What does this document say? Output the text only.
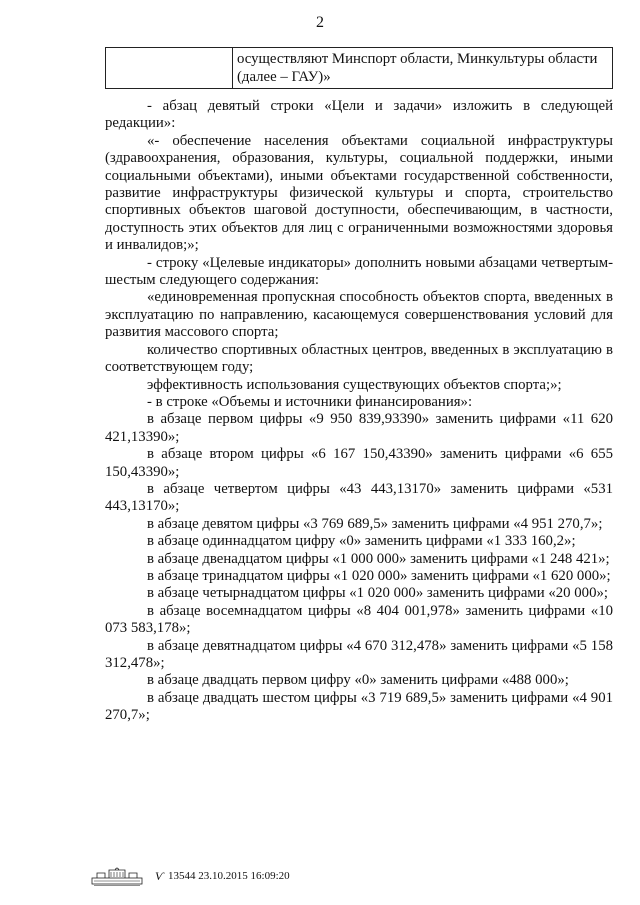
2
осуществляют Минспорт области, Минкультуры области (далее – ГАУ)»

- абзац девятый строки «Цели и задачи» изложить в следующей редакции»:

«- обеспечение населения объектами социальной инфраструктуры (здравоохранения, образования, культуры, социальной поддержки, иными социальными объектами), иными объектами государственной собственности, развитие инфраструктуры физической культуры и спорта, строительство спортивных объектов шаговой доступности, обеспечивающим, в частности, доступность этих объектов для лиц с ограниченными возможностями здоровья и инвалидов;»;

- строку «Целевые индикаторы» дополнить новыми абзацами четвертым-шестым следующего содержания:

«единовременная пропускная способность объектов спорта, введенных в эксплуатацию по направлению, касающемуся совершенствования условий для развития массового спорта;

количество спортивных областных центров, введенных в эксплуатацию в соответствующем году;

эффективность использования существующих объектов спорта;»;

- в строке «Объемы и источники финансирования»:

в абзаце первом цифры «9 950 839,93390» заменить цифрами «11 620 421,13390»;

в абзаце втором цифры «6 167 150,43390» заменить цифрами «6 655 150,43390»;

в абзаце четвертом цифры «43 443,13170» заменить цифрами «531 443,13170»;

в абзаце девятом цифры «3 769 689,5» заменить цифрами «4 951 270,7»;

в абзаце одиннадцатом цифру «0» заменить цифрами «1 333 160,2»;

в абзаце двенадцатом цифры «1 000 000» заменить цифрами «1 248 421»;

в абзаце тринадцатом цифры «1 020 000» заменить цифрами «1 620 000»;

в абзаце четырнадцатом цифры «1 020 000» заменить цифрами «20 000»;

в абзаце восемнадцатом цифры «8 404 001,978» заменить цифрами «10 073 583,178»;

в абзаце девятнадцатом цифры «4 670 312,478» заменить цифрами «5 158 312,478»;

в абзаце двадцать первом цифру «0» заменить цифрами «488 000»;

в абзаце двадцать шестом цифры «3 719 689,5» заменить цифрами «4 901 270,7»;

Ѵ 13544 23.10.2015 16:09:20
